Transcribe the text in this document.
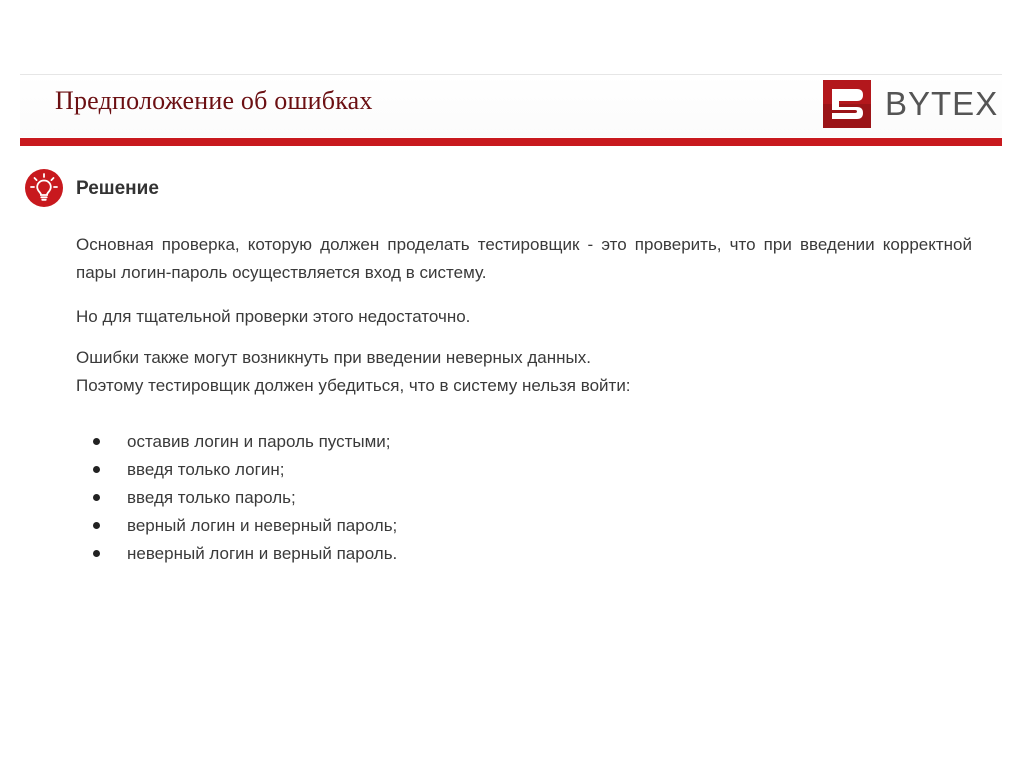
Предположение об ошибках	BYTEX
Решение

Основная проверка, которую должен проделать тестировщик - это проверить, что при введении корректной пары логин-пароль осуществляется вход в систему.

Но для тщательной проверки этого недостаточно.

Ошибки также могут возникнуть при введении неверных данных.
Поэтому тестировщик должен убедиться, что в систему нельзя войти:
оставив логин и пароль пустыми;
введя только логин;
введя только пароль;
верный логин и неверный пароль;
неверный логин и верный пароль.
